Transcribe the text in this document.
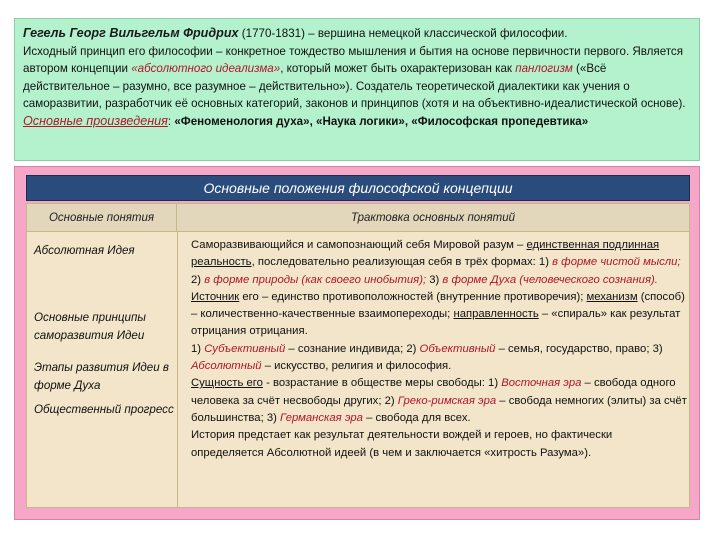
Гегель Георг Вильгельм Фридрих (1770-1831) – вершина немецкой классической философии.

Исходный принцип его философии – конкретное тождество мышления и бытия на основе первичности первого. Является автором концепции «абсолютного идеализма», который может быть охарактеризован как панлогизм («Всё действительное – разумно, все разумное – действительно»). Создатель теоретической диалектики как учения о саморазвитии, разработчик её основных категорий, законов и принципов (хотя и на объективно-идеалистической основе).

Основные произведения: «Феноменология духа», «Наука логики», «Философская пропедевтика»

Основные положения философской концепции
Основные понятия	Трактовка основных понятий
Абсолютная Идея
Основные принципы саморазвития Идеи
Этапы развития Идеи в форме Духа
Общественный прогресс

Саморазвивающийся и самопознающий себя Мировой разум – единственная подлинная реальность, последовательно реализующая себя в трёх формах: 1) в форме чистой мысли; 2) в форме природы (как своего инобытия); 3) в форме Духа (человеческого сознания).

Источник его – единство противоположностей (внутренние противоречия); механизм (способ) – количественно-качественные взаимопереходы; направленность – «спираль» как результат отрицания отрицания.

1) Субъективный – сознание индивида; 2) Объективный – семья, государство, право; 3) Абсолютный – искусство, религия и философия.

Сущность его - возрастание в обществе меры свободы: 1) Восточная эра – свобода одного человека за счёт несвободы других; 2) Греко-римская эра – свобода немногих (элиты) за счёт большинства; 3) Германская эра – свобода для всех.

История предстает как результат деятельности вождей и героев, но фактически определяется Абсолютной идеей (в чем и заключается «хитрость Разума»).
